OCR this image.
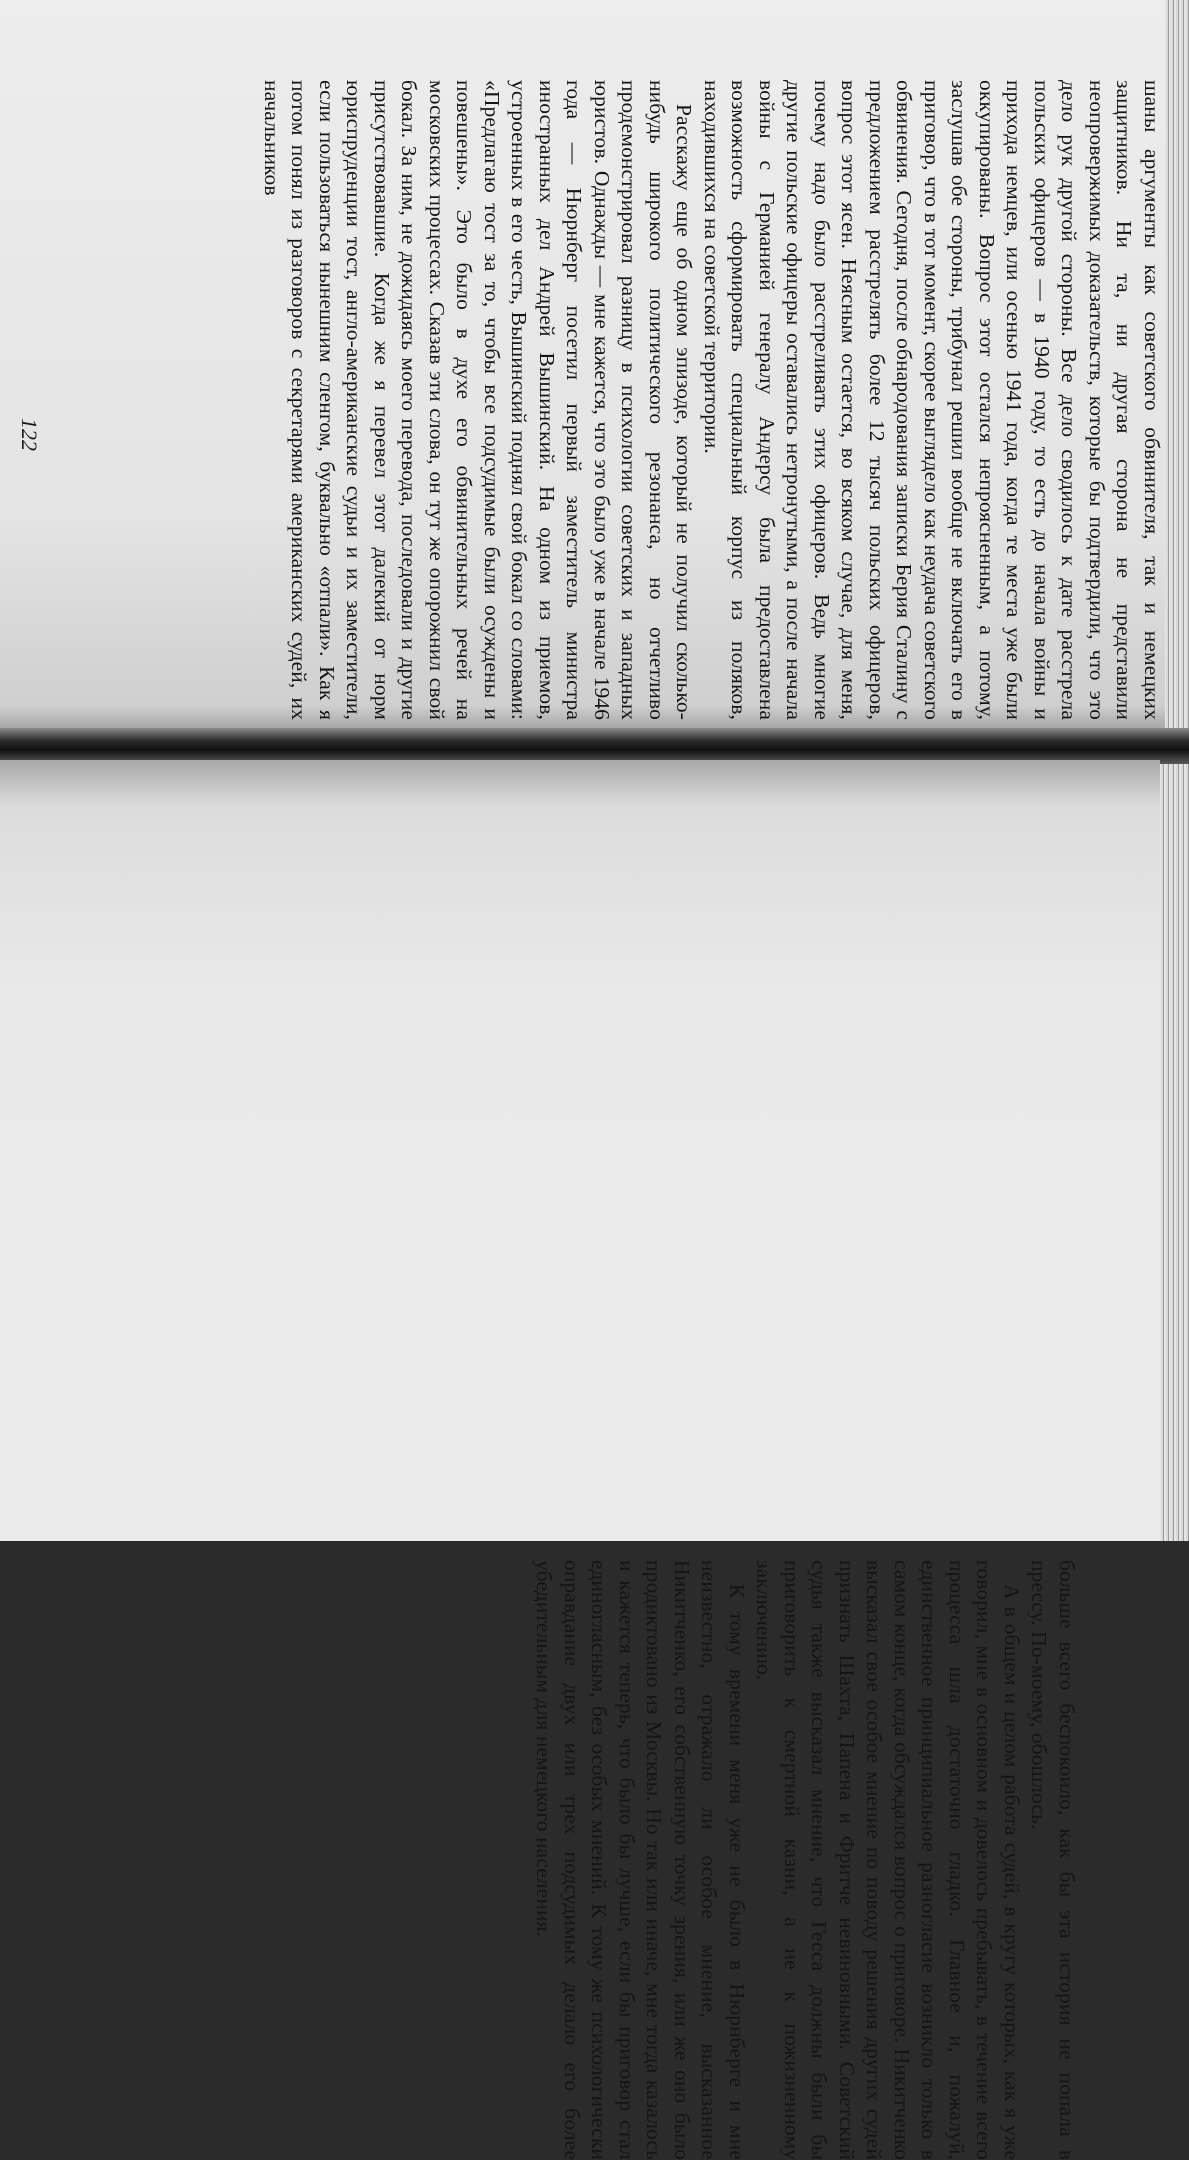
шаны аргументы как советского обвинителя, так и немецких защитников. Ни та, ни другая сторона не представили неопровержимых доказательств, которые бы подтвердили, что это дело рук другой стороны. Все дело сводилось к дате расстрела польских офицеров — в 1940 году, то есть до начала войны и прихода немцев, или осенью 1941 года, когда те места уже были оккупированы. Вопрос этот остался непроясненным, а потому, заслушав обе стороны, трибунал решил вообще не включать его в приговор, что в тот момент, скорее выглядело как неудача советского обвинения. Сегодня, после обнародования записки Берия Сталину с предложением расстрелять более 12 тысяч польских офицеров, вопрос этот ясен. Неясным остается, во всяком случае, для меня, почему надо было расстреливать этих офицеров. Ведь многие другие польские офицеры оставались нетронутыми, а после начала войны с Германией генералу Андерсу была предоставлена возможность сформировать специальный корпус из поляков, находившихся на советской территории.

Расскажу еще об одном эпизоде, который не получил сколько-нибудь широкого политического резонанса, но отчетливо продемонстрировал разницу в психологии советских и западных юристов. Однажды — мне кажется, что это было уже в начале 1946 года — Нюрнберг посетил первый заместитель министра иностранных дел Андрей Вышинский. На одном из приемов, устроенных в его честь, Вышинский поднял свой бокал со словами: «Предлагаю тост за то, чтобы все подсудимые были осуждены и повешены». Это было в духе его обвинительных речей на московских процессах. Сказав эти слова, он тут же опорожнил свой бокал. За ним, не дожидаясь моего перевода, последовали и другие присутствовавшие. Когда же я перевел этот далекий от норм юриспруденции тост, англо-американские судьи и их заместители, если пользоваться нынешним сленгом, буквально «отпали». Как я потом понял из разговоров с секретарями американских судей, их начальников

122

больше всего беспокоило, как бы эта история не попала в прессу. По-моему, обошлось.

А в общем и целом работа судей, в кругу которых, как я уже говорил, мне в основном и довелось пребывать, в течение всего процесса шла достаточно гладко. Главное и, пожалуй, единственное принципиальное разногласие возникло только в самом конце, когда обсуждался вопрос о приговоре. Никитченко высказал свое особое мнение по поводу решения других судей признать Шахта, Папена и Фритче невиновными. Советский судья также высказал мнение, что Гесса должны были бы приговорить к смертной казни, а не к пожизненному заключению.

К тому времени меня уже не было в Нюрнберге и мне неизвестно, отражало ли особое мнение, высказанное Никитченко, его собственную точку зрения, или же оно было продиктовано из Москвы. Но так или иначе, мне тогда казалось и кажется теперь, что было бы лучше, если бы приговор стал единогласным, без особых мнений. К тому же психологически оправдание двух или трех подсудимых делало его более убедительным для немецкого населения.
